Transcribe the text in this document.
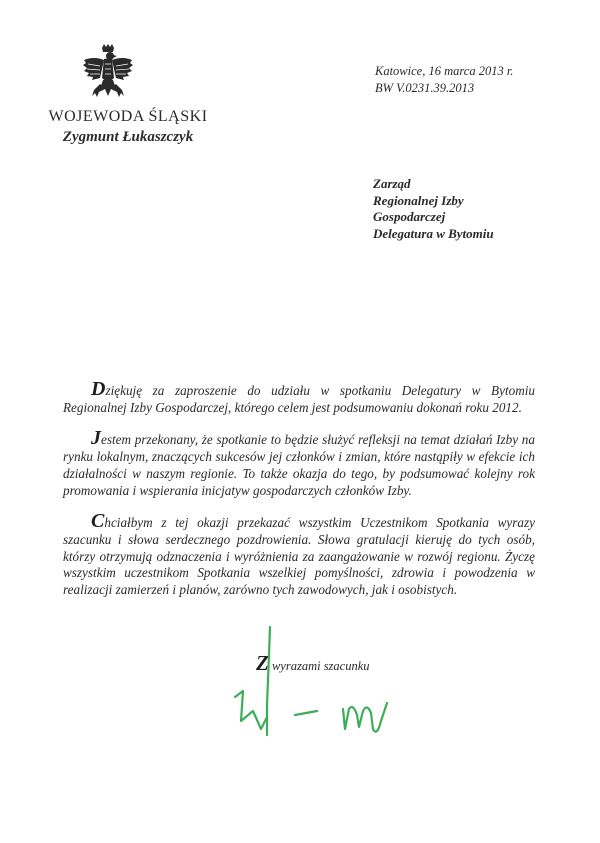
WOJEWODA ŚLĄSKI
Zygmunt Łukaszczyk
Katowice, 16 marca 2013 r.
BW V.0231.39.2013
Zarząd
Regionalnej Izby
Gospodarczej
Delegatura w Bytomiu

Dziękuję za zaproszenie do udziału w spotkaniu Delegatury w Bytomiu Regionalnej Izby Gospodarczej, którego celem jest podsumowaniu dokonań roku 2012.

Jestem przekonany, że spotkanie to będzie służyć refleksji na temat działań Izby na rynku lokalnym, znaczących sukcesów jej członków i zmian, które nastąpiły w efekcie ich działalności w naszym regionie. To także okazja do tego, by podsumować kolejny rok promowania i wspierania inicjatyw gospodarczych członków Izby.

Chciałbym z tej okazji przekazać wszystkim Uczestnikom Spotkania wyrazy szacunku i słowa serdecznego pozdrowienia. Słowa gratulacji kieruję do tych osób, którzy otrzymują odznaczenia i wyróżnienia za zaangażowanie w rozwój regionu. Życzę wszystkim uczestnikom Spotkania wszelkiej pomyślności, zdrowia i powodzenia w realizacji zamierzeń i planów, zarówno tych zawodowych, jak i osobistych.

Z wyrazami szacunku
